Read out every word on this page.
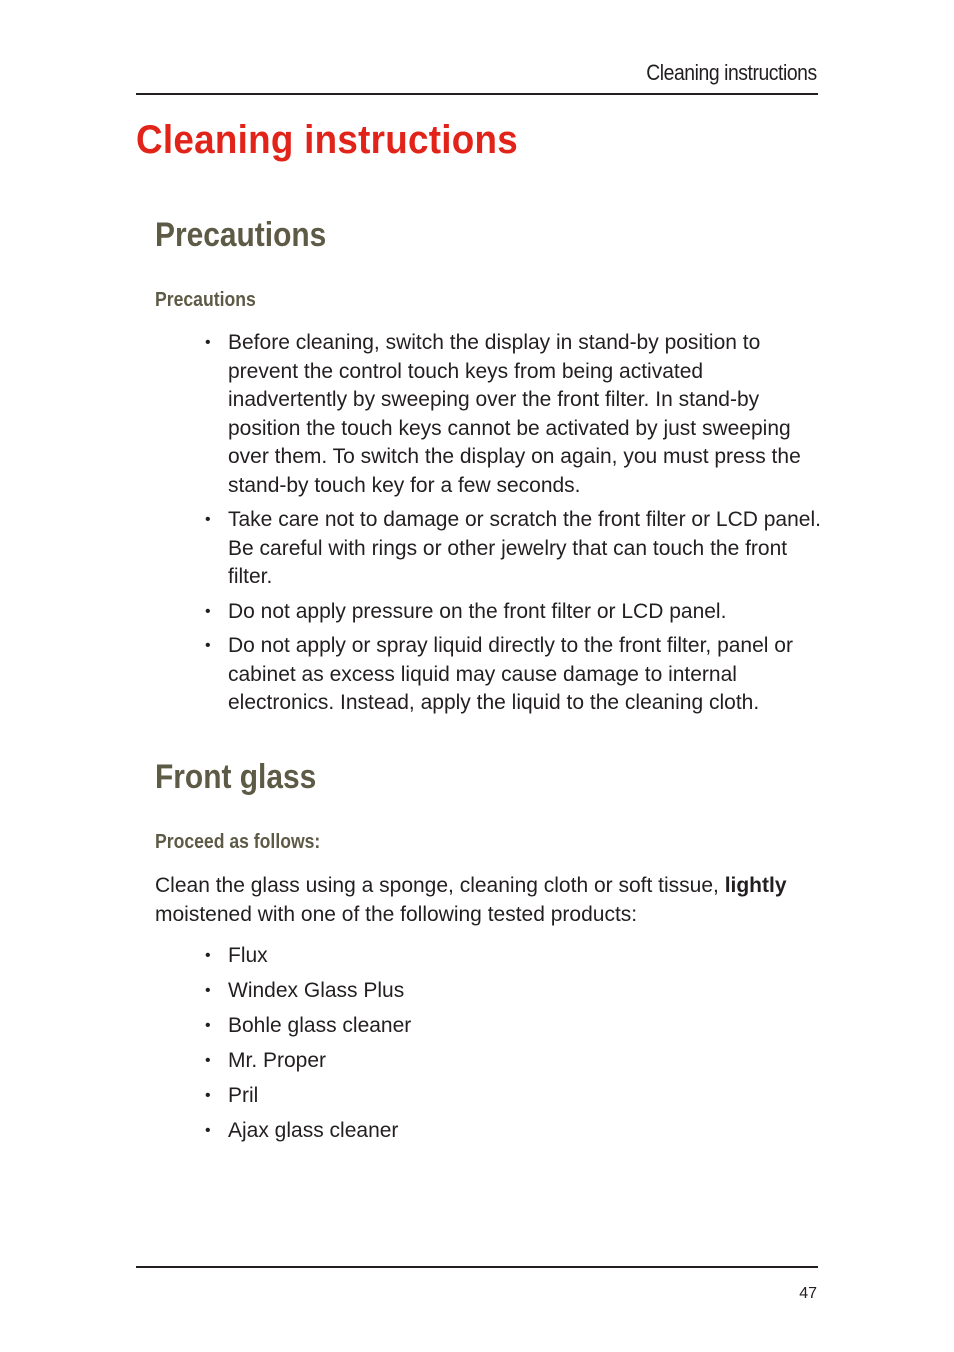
Cleaning instructions
Cleaning instructions
Precautions
Precautions
• Before cleaning, switch the display in stand-by position to prevent the control touch keys from being activated inadvertently by sweeping over the front filter. In stand-by position the touch keys cannot be activated by just sweeping over them. To switch the display on again, you must press the stand-by touch key for a few seconds.
• Take care not to damage or scratch the front filter or LCD panel. Be careful with rings or other jewelry that can touch the front filter.
• Do not apply pressure on the front filter or LCD panel.
• Do not apply or spray liquid directly to the front filter, panel or cabinet as excess liquid may cause damage to internal electronics. Instead, apply the liquid to the cleaning cloth.
Front glass
Proceed as follows:

Clean the glass using a sponge, cleaning cloth or soft tissue, lightly moistened with one of the following tested products:

• Flux
• Windex Glass Plus
• Bohle glass cleaner
• Mr. Proper
• Pril
• Ajax glass cleaner
47
